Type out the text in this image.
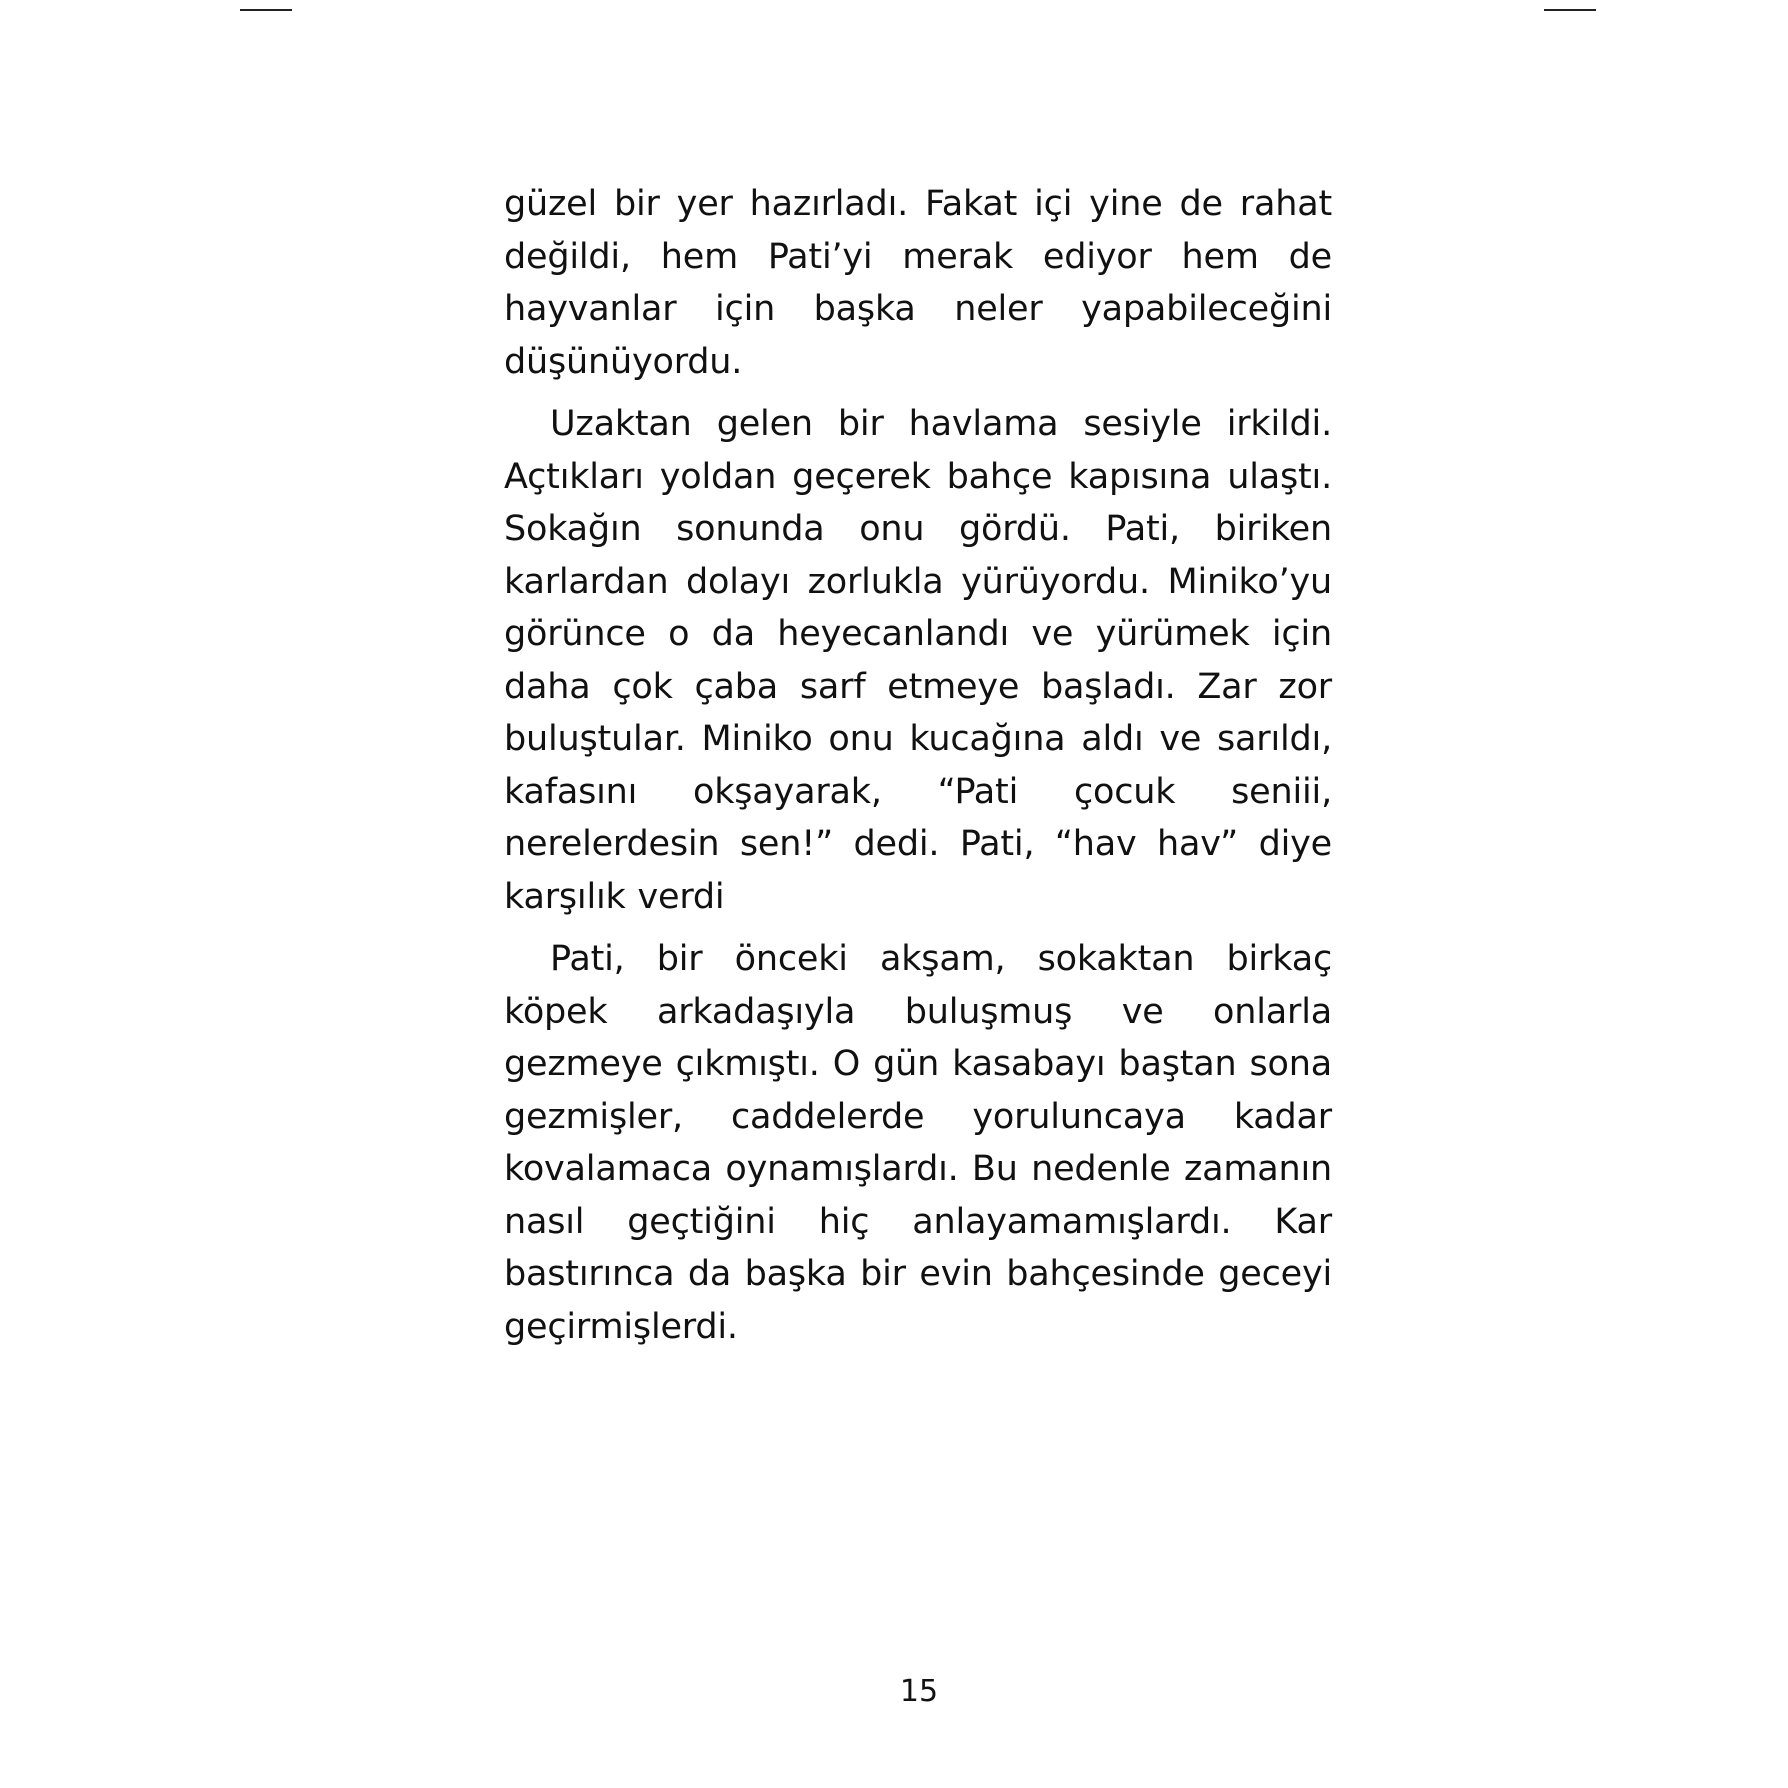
güzel bir yer hazırladı. Fakat içi yine de rahat değildi, hem Pati’yi merak ediyor hem de hayvanlar için başka neler yapabileceğini düşünüyordu.

Uzaktan gelen bir havlama sesiyle irkildi. Açtıkları yoldan geçerek bahçe kapısına ulaştı. Sokağın sonunda onu gördü. Pati, biriken karlardan dolayı zorlukla yürüyordu. Miniko’yu görünce o da heyecanlandı ve yürümek için daha çok çaba sarf etmeye başladı. Zar zor buluştular. Miniko onu kucağına aldı ve sarıldı, kafasını okşayarak, “Pati çocuk seniii, nerelerdesin sen!” dedi. Pati, “hav hav” diye karşılık verdi

Pati, bir önceki akşam, sokaktan birkaç köpek arkadaşıyla buluşmuş ve onlarla gezmeye çıkmıştı. O gün kasabayı baştan sona gezmişler, caddelerde yoruluncaya kadar kovalamaca oynamışlardı. Bu nedenle zamanın nasıl geçtiğini hiç anlayamamışlardı. Kar bastırınca da başka bir evin bahçesinde geceyi geçirmişlerdi.

15
